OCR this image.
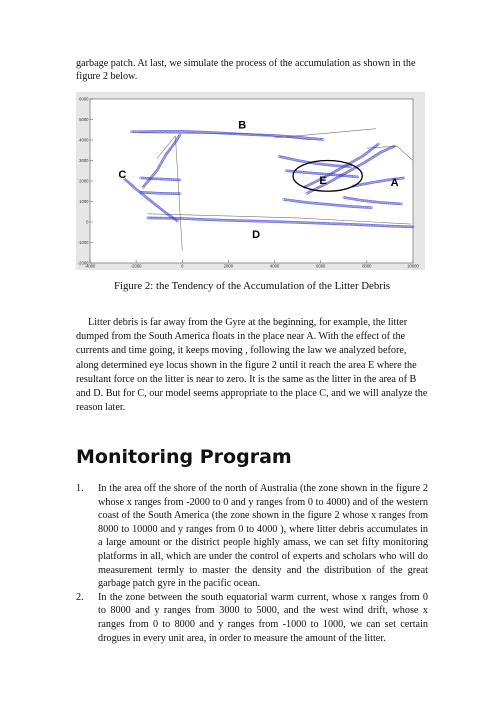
garbage patch. At last, we simulate the process of the accumulation as shown in the figure 2 below.

-4000	-2000	0	2000	4000	6000	8000	10000
-2000
-1000
0
1000
2000
3000
4000
5000
6000
A
B
C
D
E

Figure 2: the Tendency of the Accumulation of the Litter Debris

Litter debris is far away from the Gyre at the beginning, for example, the litter dumped from the South America floats in the place near A. With the effect of the currents and time going, it keeps moving , following the law we analyzed before, along determined eye locus shown in the figure 2 until it reach the area E where the resultant force on the litter is near to zero. It is the same as the litter in the area of B and D. But for C, our model seems appropriate to the place C, and we will analyze the reason later.

Monitoring Program
1. In the area off the shore of the north of Australia (the zone shown in the figure 2 whose x ranges from -2000 to 0 and y ranges from 0 to 4000) and of the western coast of the South America (the zone shown in the figure 2 whose x ranges from 8000 to 10000 and y ranges from 0 to 4000 ), where litter debris accumulates in a large amount or the district people highly amass, we can set fifty monitoring platforms in all, which are under the control of experts and scholars who will do measurement termly to master the density and the distribution of the great garbage patch gyre in the pacific ocean.
2. In the zone between the south equatorial warm current, whose x ranges from 0 to 8000 and y ranges from 3000 to 5000, and the west wind drift, whose x ranges from 0 to 8000 and y ranges from -1000 to 1000, we can set certain drogues in every unit area, in order to measure the amount of the litter.
